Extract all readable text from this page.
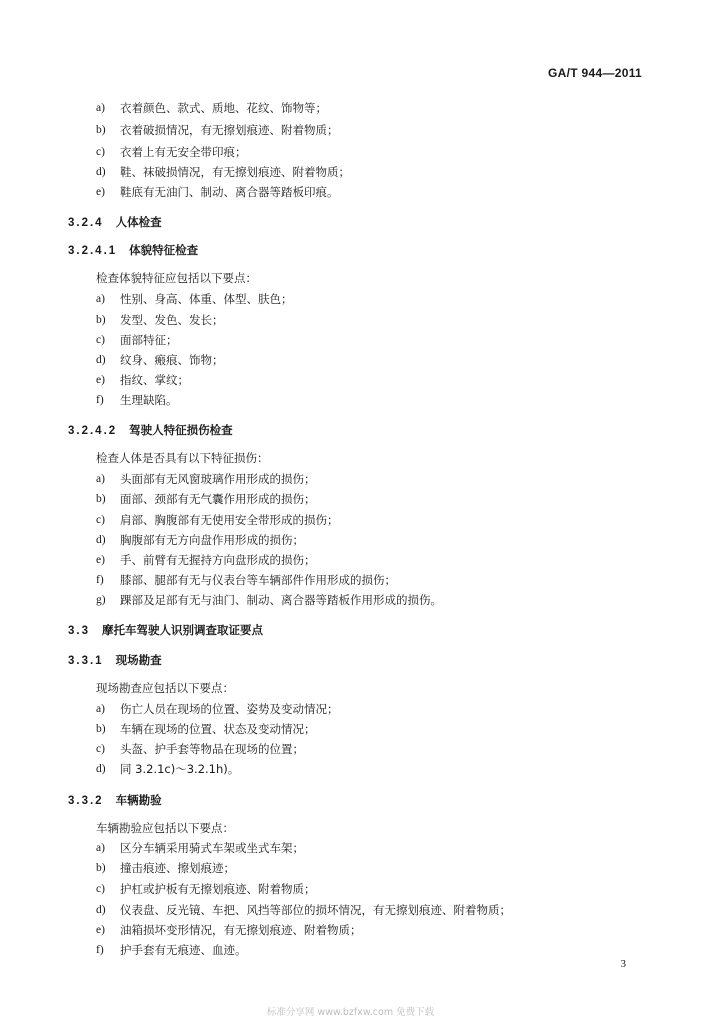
GA/T 944—2011
a)	衣着颜色、款式、质地、花纹、饰物等；
b)	衣着破损情况，有无擦划痕迹、附着物质；
c)	衣着上有无安全带印痕；
d)	鞋、袜破损情况，有无擦划痕迹、附着物质；
e)	鞋底有无油门、制动、离合器等踏板印痕。
3.2.4 人体检查
3.2.4.1 体貌特征检查
检查体貌特征应包括以下要点：
a)	性别、身高、体重、体型、肤色；
b)	发型、发色、发长；
c)	面部特征；
d)	纹身、瘢痕、饰物；
e)	指纹、掌纹；
f)	生理缺陷。
3.2.4.2 驾驶人特征损伤检查
检查人体是否具有以下特征损伤：
a)	头面部有无风窗玻璃作用形成的损伤；
b)	面部、颈部有无气囊作用形成的损伤；
c)	肩部、胸腹部有无使用安全带形成的损伤；
d)	胸腹部有无方向盘作用形成的损伤；
e)	手、前臂有无握持方向盘形成的损伤；
f)	膝部、腿部有无与仪表台等车辆部件作用形成的损伤；
g)	踝部及足部有无与油门、制动、离合器等踏板作用形成的损伤。
3.3 摩托车驾驶人识别调查取证要点
3.3.1 现场勘查
现场勘查应包括以下要点：
a)	伤亡人员在现场的位置、姿势及变动情况；
b)	车辆在现场的位置、状态及变动情况；
c)	头盔、护手套等物品在现场的位置；
d)	同 3.2.1c)～3.2.1h)。
3.3.2 车辆勘验
车辆勘验应包括以下要点：
a)	区分车辆采用骑式车架或坐式车架；
b)	撞击痕迹、擦划痕迹；
c)	护杠或护板有无擦划痕迹、附着物质；
d)	仪表盘、反光镜、车把、风挡等部位的损坏情况，有无擦划痕迹、附着物质；
e)	油箱损坏变形情况，有无擦划痕迹、附着物质；
f)	护手套有无痕迹、血迹。
3
标准分享网 www.bzfxw.com 免费下载
